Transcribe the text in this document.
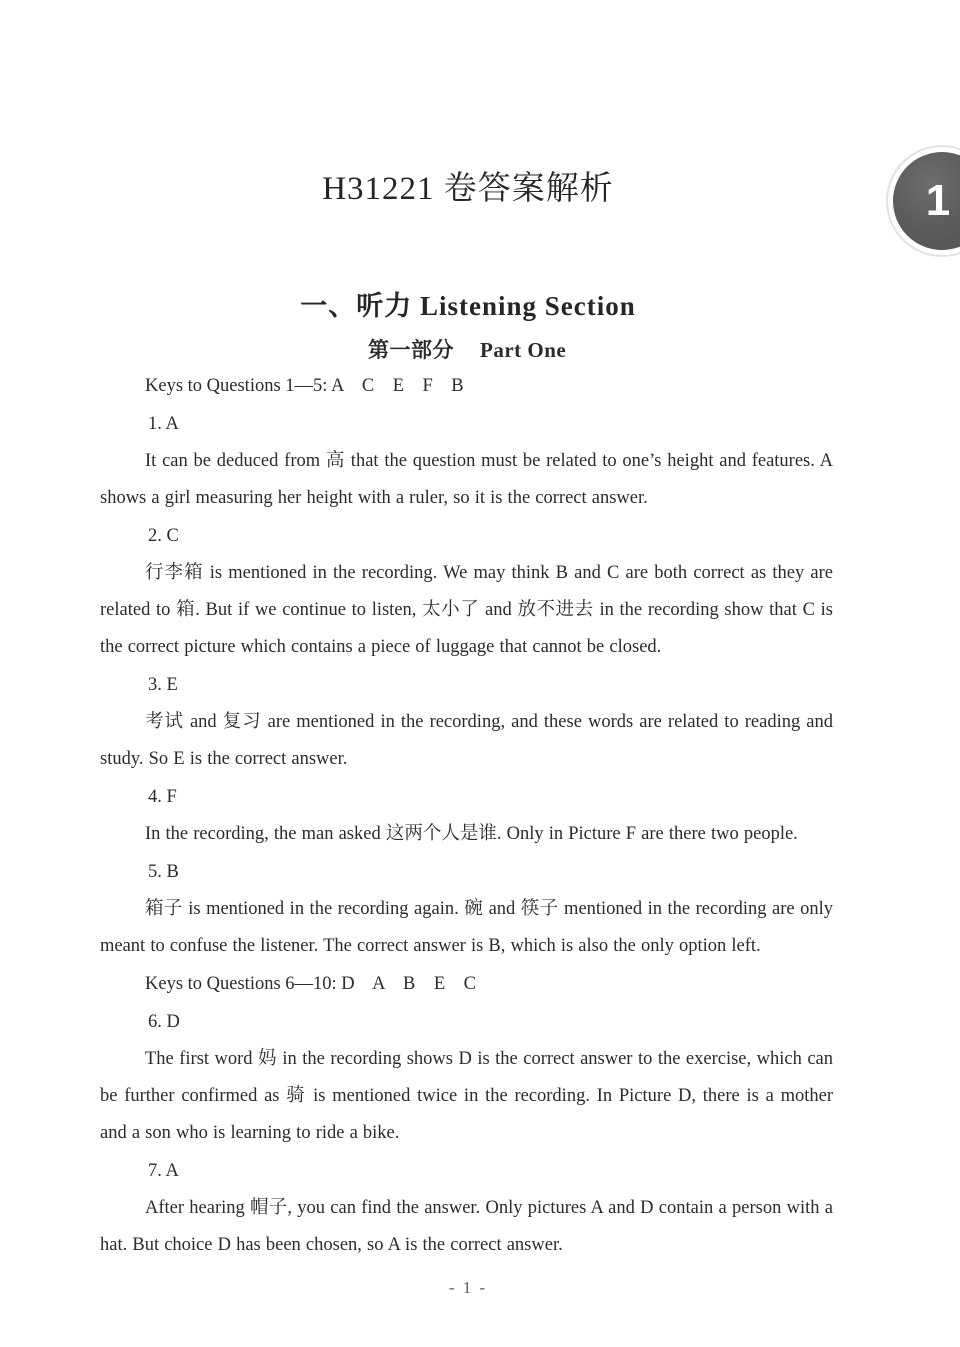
1
H31221 卷答案解析
一、听力 Listening Section
第一部分 Part One

Keys to Questions 1—5: A    C    E    F    B

1. A

It can be deduced from 高 that the question must be related to one’s height and features. A shows a girl measuring her height with a ruler, so it is the correct answer.

2. C

行李箱 is mentioned in the recording. We may think B and C are both correct as they are related to 箱. But if we continue to listen, 太小了 and 放不进去 in the recording show that C is the correct picture which contains a piece of luggage that cannot be closed.

3. E

考试 and 复习 are mentioned in the recording, and these words are related to reading and study. So E is the correct answer.

4. F

In the recording, the man asked 这两个人是谁. Only in Picture F are there two people.

5. B

箱子 is mentioned in the recording again. 碗 and 筷子 mentioned in the recording are only meant to confuse the listener. The correct answer is B, which is also the only option left.

Keys to Questions 6—10: D    A    B    E    C

6. D

The first word 妈 in the recording shows D is the correct answer to the exercise, which can be further confirmed as 骑 is mentioned twice in the recording. In Picture D, there is a mother and a son who is learning to ride a bike.

7. A

After hearing 帽子, you can find the answer. Only pictures A and D contain a person with a hat. But choice D has been chosen, so A is the correct answer.

- 1 -
